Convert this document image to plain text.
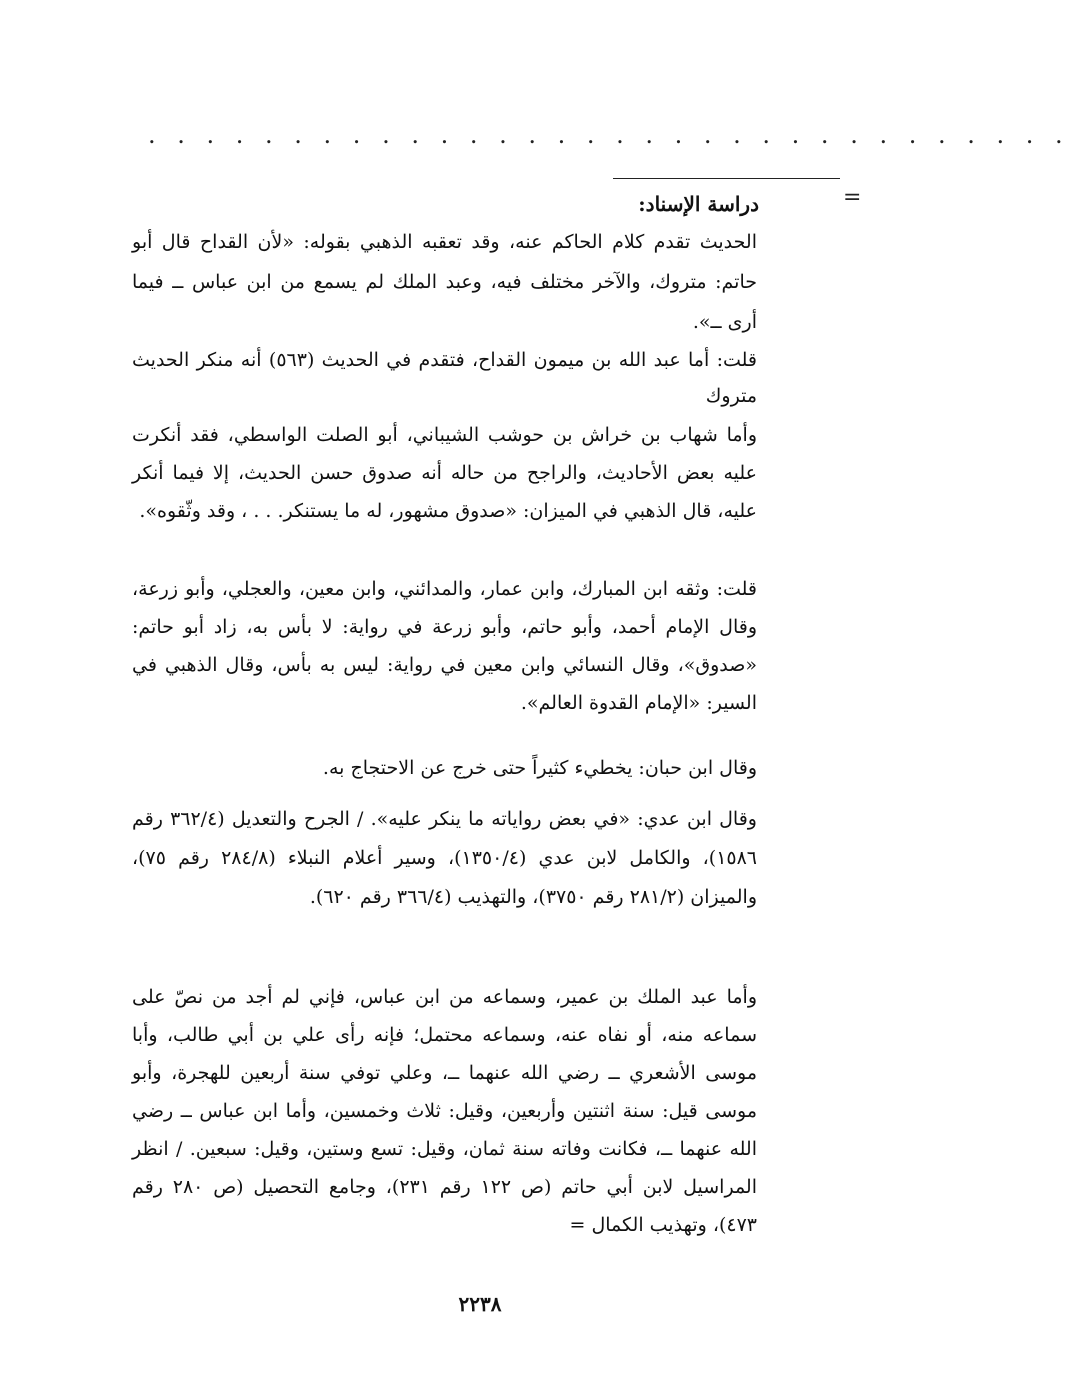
. . . . . . . . . . . . . . . . . . . . . . . . . . . . . . . .
=
دراسة الإسناد:
الحديث تقدم كلام الحاكم عنه، وقد تعقبه الذهبي بقوله: «لأن القداح قال أبو حاتم: متروك، والآخر مختلف فيه، وعبد الملك لم يسمع من ابن عباس ــ فيما أرى ــ».
قلت: أما عبد الله بن ميمون القداح، فتقدم في الحديث (٥٦٣) أنه منكر الحديث متروك
وأما شهاب بن خراش بن حوشب الشيباني، أبو الصلت الواسطي، فقد أنكرت عليه بعض الأحاديث، والراجح من حاله أنه صدوق حسن الحديث، إلا فيما أنكر عليه، قال الذهبي في الميزان: «صدوق مشهور، له ما يستنكر. . . ، وقد وثّقوه».
قلت: وثقه ابن المبارك، وابن عمار، والمدائني، وابن معين، والعجلي، وأبو زرعة، وقال الإمام أحمد، وأبو حاتم، وأبو زرعة في رواية: لا بأس به، زاد أبو حاتم: «صدوق»، وقال النسائي وابن معين في رواية: ليس به بأس، وقال الذهبي في السير: «الإمام القدوة العالم».
وقال ابن حبان: يخطيء كثيراً حتى خرج عن الاحتجاج به.
وقال ابن عدي: «في بعض رواياته ما ينكر عليه». / الجرح والتعديل (٣٦٢/٤ رقم ١٥٨٦)، والكامل لابن عدي (١٣٥٠/٤)، وسير أعلام النبلاء (٢٨٤/٨ رقم ٧٥)، والميزان (٢٨١/٢ رقم ٣٧٥٠)، والتهذيب (٣٦٦/٤ رقم ٦٢٠).
وأما عبد الملك بن عمير، وسماعه من ابن عباس، فإني لم أجد من نصّ على سماعه منه، أو نفاه عنه، وسماعه محتمل؛ فإنه رأى علي بن أبي طالب، وأبا موسى الأشعري ــ رضي الله عنهما ــ، وعلي توفي سنة أربعين للهجرة، وأبو موسى قيل: سنة اثنتين وأربعين، وقيل: ثلاث وخمسين، وأما ابن عباس ــ رضي الله عنهما ــ، فكانت وفاته سنة ثمان، وقيل: تسع وستين، وقيل: سبعين. / انظر المراسيل لابن أبي حاتم (ص ١٢٢ رقم ٢٣١)، وجامع التحصيل (ص ٢٨٠ رقم ٤٧٣)، وتهذيب الكمال =
٢٢٣٨
